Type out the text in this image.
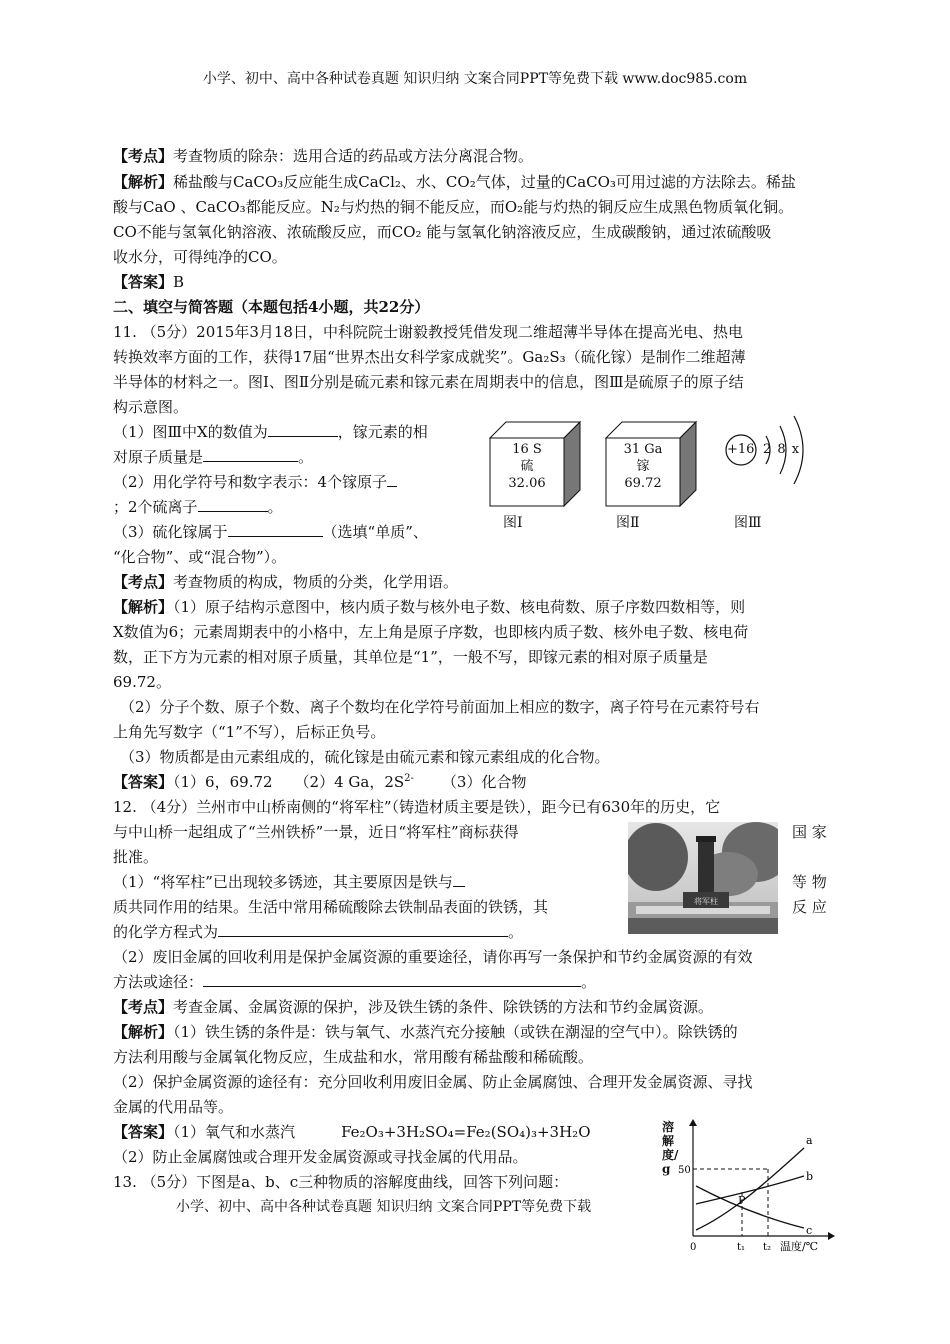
小学、初中、高中各种试卷真题 知识归纳 文案合同PPT等免费下载 www.doc985.com
【考点】考查物质的除杂：选用合适的药品或方法分离混合物。
【解析】稀盐酸与CaCO₃反应能生成CaCl₂、水、CO₂气体，过量的CaCO₃可用过滤的方法除去。稀盐
酸与CaO 、CaCO₃都能反应。N₂与灼热的铜不能反应，而O₂能与灼热的铜反应生成黑色物质氧化铜。
CO不能与氢氧化钠溶液、浓硫酸反应，而CO₂ 能与氢氧化钠溶液反应，生成碳酸钠，通过浓硫酸吸
收水分，可得纯净的CO。
【答案】B
二、填空与简答题（本题包括4小题，共22分）
11. （5分）2015年3月18日，中科院院士谢毅教授凭借发现二维超薄半导体在提高光电、热电
转换效率方面的工作，获得17届“世界杰出女科学家成就奖”。Ga₂S₃（硫化镓）是制作二维超薄
半导体的材料之一。图Ⅰ、图Ⅱ分别是硫元素和镓元素在周期表中的信息，图Ⅲ是硫原子的原子结
构示意图。
（1）图Ⅲ中X的数值为	，镓元素的相
对原子质量是	。
（2）用化学符号和数字表示：4个镓原子
；2个硫离子	。
（3）硫化镓属于	（选填“单质”、
“化合物”、或“混合物”）。
16 S
硫
32.06
图Ⅰ
31 Ga
镓
69.72
图Ⅱ
+16 2 8 x
图Ⅲ
【考点】考查物质的构成，物质的分类，化学用语。
【解析】（1）原子结构示意图中，核内质子数与核外电子数、核电荷数、原子序数四数相等，则
X数值为6；元素周期表中的小格中，左上角是原子序数，也即核内质子数、核外电子数、核电荷
数，正下方为元素的相对原子质量，其单位是“1”，一般不写，即镓元素的相对原子质量是
69.72。
（2）分子个数、原子个数、离子个数均在化学符号前面加上相应的数字，离子符号在元素符号右
上角先写数字（“1”不写），后标正负号。
（3）物质都是由元素组成的，硫化镓是由硫元素和镓元素组成的化合物。
【答案】（1）6，69.72 （2）4 Ga，$2S^{2-}$ （3）化合物
12. （4分）兰州市中山桥南侧的“将军柱”（铸造材质主要是铁），距今已有630年的历史，它
与中山桥一起组成了“兰州铁桥”一景，近日“将军柱”商标获得	国 家
批准。
（1）“将军柱”已出现较多锈迹，其主要原因是铁与	等 物
质共同作用的结果。生活中常用稀硫酸除去铁制品表面的铁锈，其	反 应
的化学方程式为	。
（2）废旧金属的回收利用是保护金属资源的重要途径，请你再写一条保护和节约金属资源的有效
方法或途径：	。
将军柱
【考点】考查金属、金属资源的保护，涉及铁生锈的条件、除铁锈的方法和节约金属资源。
【解析】（1）铁生锈的条件是：铁与氧气、水蒸汽充分接触（或铁在潮湿的空气中）。除铁锈的
方法利用酸与金属氧化物反应，生成盐和水，常用酸有稀盐酸和稀硫酸。
（2）保护金属资源的途径有：充分回收利用废旧金属、防止金属腐蚀、合理开发金属资源、寻找
金属的代用品等。
【答案】（1）氧气和水蒸汽	Fe₂O₃+3H₂SO₄=Fe₂(SO₄)₃+3H₂O
（2）防止金属腐蚀或合理开发金属资源或寻找金属的代用品。
13. （5分）下图是a、b、c三种物质的溶解度曲线，回答下列问题：
小学、初中、高中各种试卷真题 知识归纳 文案合同PPT等免费下载
a
b
c
P
50
0	t₁ t₂ 温度/℃
溶解度/g
